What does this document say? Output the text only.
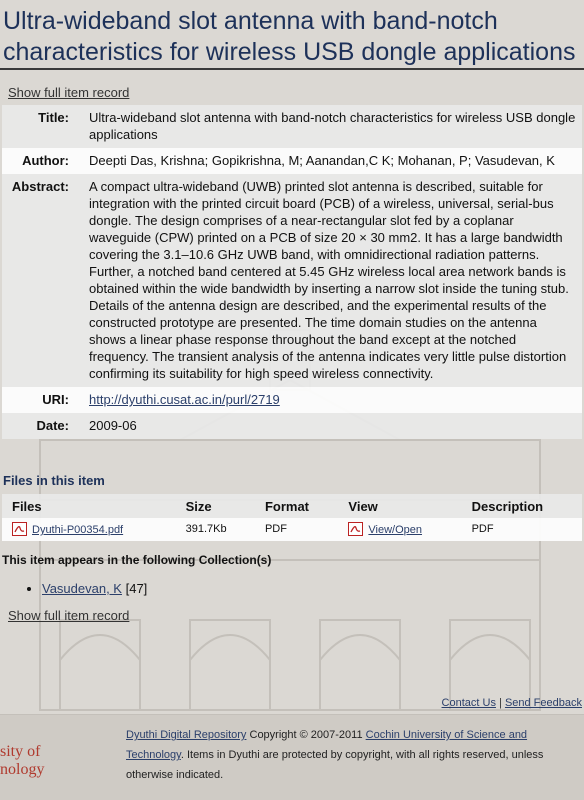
Ultra-wideband slot antenna with band-notch characteristics for wireless USB dongle applications
Show full item record
Title:	Ultra-wideband slot antenna with band-notch characteristics for wireless USB dongle applications
Author:	Deepti Das, Krishna; Gopikrishna, M; Aanandan,C K; Mohanan, P; Vasudevan, K
Abstract:	A compact ultra-wideband (UWB) printed slot antenna is described, suitable for integration with the printed circuit board (PCB) of a wireless, universal, serial-bus dongle. The design comprises of a near-rectangular slot fed by a coplanar waveguide (CPW) printed on a PCB of size 20 × 30 mm2. It has a large bandwidth covering the 3.1–10.6 GHz UWB band, with omnidirectional radiation patterns. Further, a notched band centered at 5.45 GHz wireless local area network bands is obtained within the wide bandwidth by inserting a narrow slot inside the tuning stub. Details of the antenna design are described, and the experimental results of the constructed prototype are presented. The time domain studies on the antenna shows a linear phase response throughout the band except at the notched frequency. The transient analysis of the antenna indicates very little pulse distortion confirming its suitability for high speed wireless connectivity.
URI:	http://dyuthi.cusat.ac.in/purl/2719
Date:	2009-06
Files in this item
Files	Size	Format	View	Description
Dyuthi-P00354.pdf	391.7Kb	PDF	View/Open	PDF
This item appears in the following Collection(s)
• Vasudevan, K [47]
Show full item record
Contact Us | Send Feedback
sity of
nology
Dyuthi Digital Repository Copyright © 2007-2011 Cochin University of Science and Technology. Items in Dyuthi are protected by copyright, with all rights reserved, unless otherwise indicated.
